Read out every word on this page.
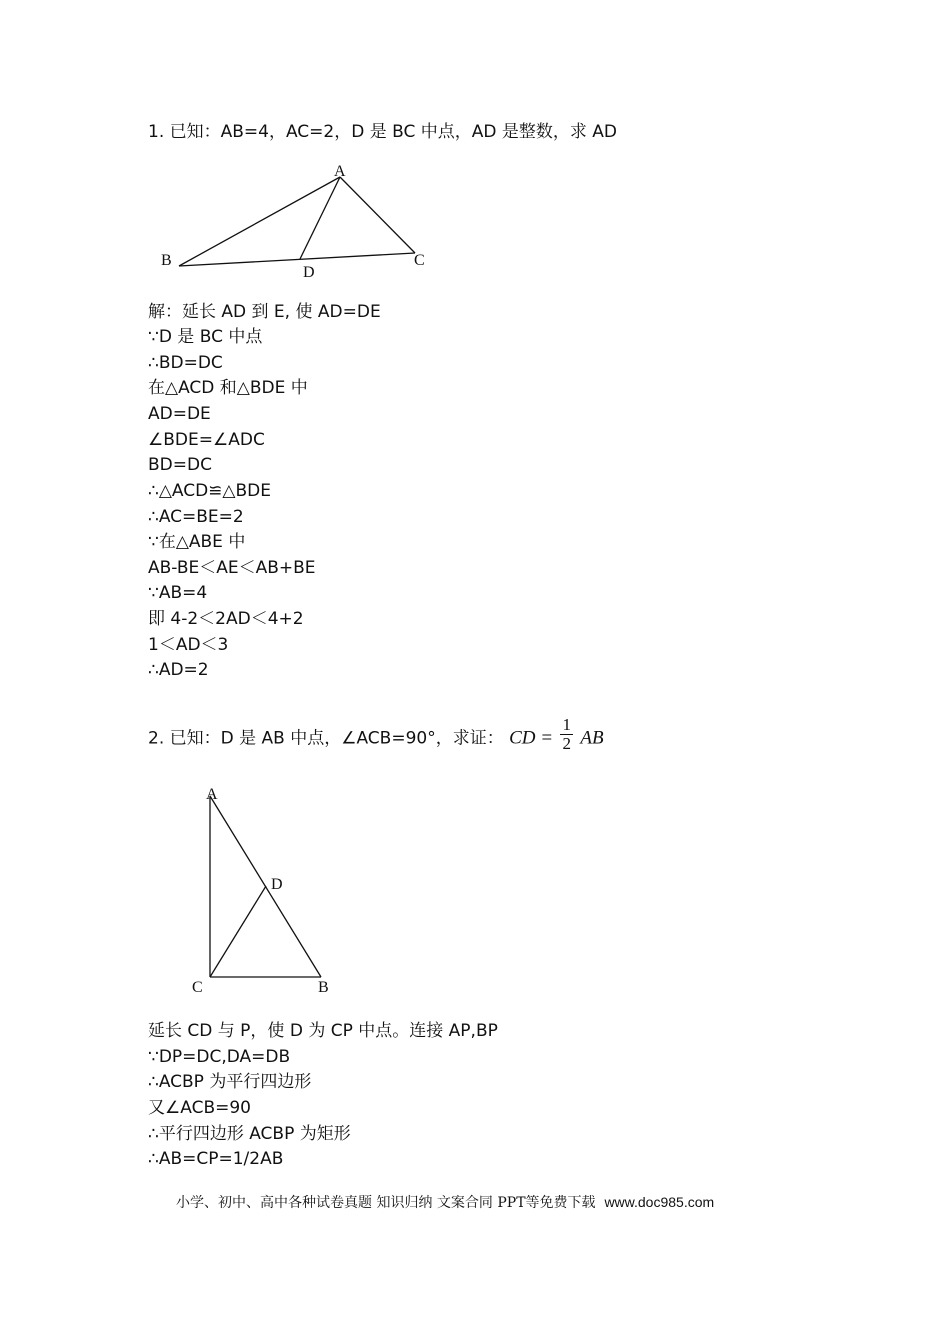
1. 已知：AB=4，AC=2，D 是 BC 中点，AD 是整数，求 AD
A
B	C
D
解：延长 AD 到 E, 使 AD=DE
∵D 是 BC 中点
∴BD=DC
在△ACD 和△BDE 中
AD=DE
∠BDE=∠ADC
BD=DC
∴△ACD≌△BDE
∴AC=BE=2
∵在△ABE 中
AB-BE＜AE＜AB+BE
∵AB=4
即 4-2＜2AD＜4+2
1＜AD＜3
∴AD=2
2. 已知：D 是 AB 中点，∠ACB=90°，求证： CD = $\frac{1}{2}$ AB
A
D
C	B
延长 CD 与 P，使 D 为 CP 中点。连接 AP,BP
∵DP=DC,DA=DB
∴ACBP 为平行四边形
又∠ACB=90
∴平行四边形 ACBP 为矩形
∴AB=CP=1/2AB
小学、初中、高中各种试卷真题 知识归纳 文案合同 PPT等免费下载 www.doc985.com
